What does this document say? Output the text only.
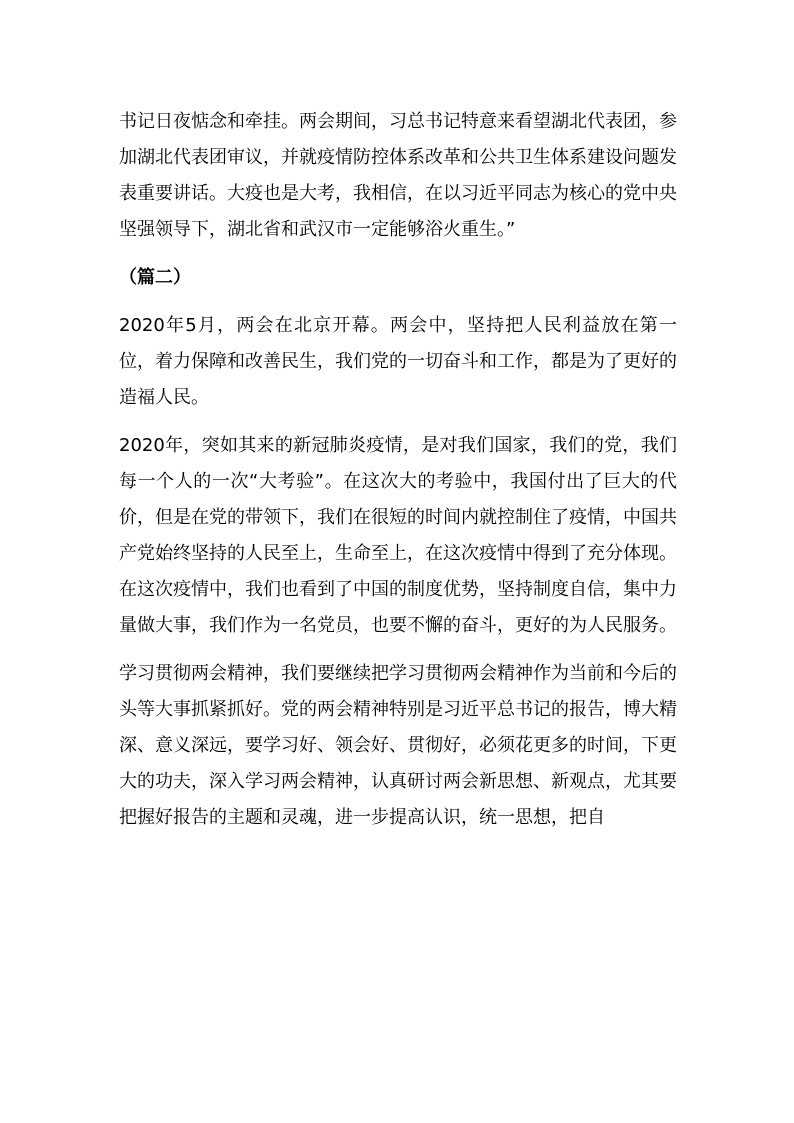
书记日夜惦念和牵挂。两会期间，习总书记特意来看望湖北代表团，参加湖北代表团审议，并就疫情防控体系改革和公共卫生体系建设问题发表重要讲话。大疫也是大考，我相信，在以习近平同志为核心的党中央坚强领导下，湖北省和武汉市一定能够浴火重生。”

（篇二）

2020年5月，两会在北京开幕。两会中，坚持把人民利益放在第一位，着力保障和改善民生，我们党的一切奋斗和工作，都是为了更好的造福人民。

2020年，突如其来的新冠肺炎疫情，是对我们国家，我们的党，我们每一个人的一次“大考验”。在这次大的考验中，我国付出了巨大的代价，但是在党的带领下，我们在很短的时间内就控制住了疫情，中国共产党始终坚持的人民至上，生命至上，在这次疫情中得到了充分体现。在这次疫情中，我们也看到了中国的制度优势，坚持制度自信，集中力量做大事，我们作为一名党员，也要不懈的奋斗，更好的为人民服务。

学习贯彻两会精神，我们要继续把学习贯彻两会精神作为当前和今后的头等大事抓紧抓好。党的两会精神特别是习近平总书记的报告，博大精深、意义深远，要学习好、领会好、贯彻好，必须花更多的时间，下更大的功夫，深入学习两会精神，认真研讨两会新思想、新观点，尤其要把握好报告的主题和灵魂，进一步提高认识，统一思想，把自
